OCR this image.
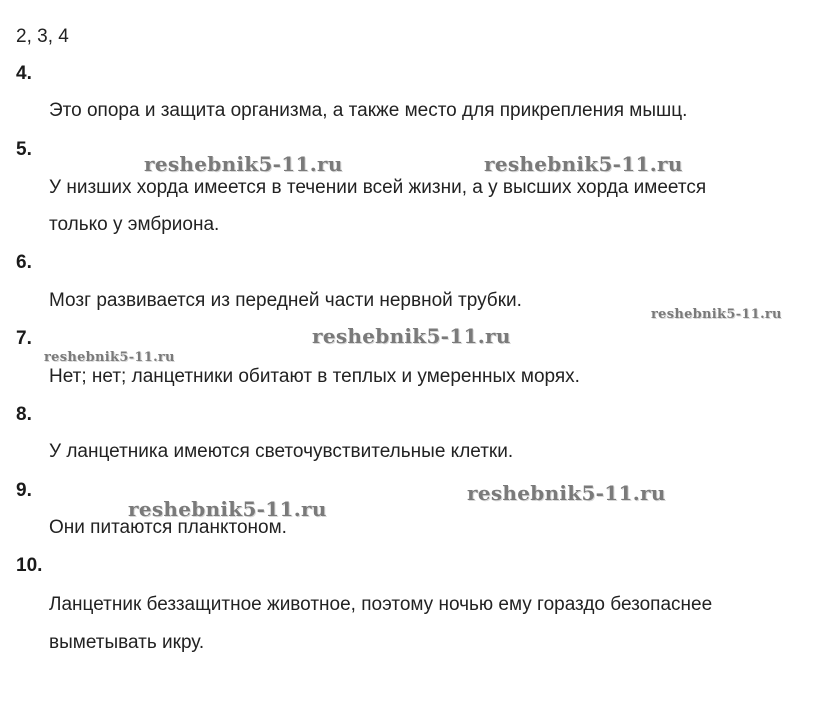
2, 3, 4
4.
Это опора и защита организма, а также место для прикрепления мышц.
5.
У низших хорда имеется в течении всей жизни, а у высших хорда имеется
только у эмбриона.
6.
Мозг развивается из передней части нервной трубки.
7.
Нет; нет; ланцетники обитают в теплых и умеренных морях.
8.
У ланцетника имеются светочувствительные клетки.
9.
Они питаются планктоном.
10.
Ланцетник беззащитное животное, поэтому ночью ему гораздо безопаснее
выметывать икру.
reshebnik5-11.ru	reshebnik5-11.ru
reshebnik5-11.ru
reshebnik5-11.ru
reshebnik5-11.ru
reshebnik5-11.ru
reshebnik5-11.ru
